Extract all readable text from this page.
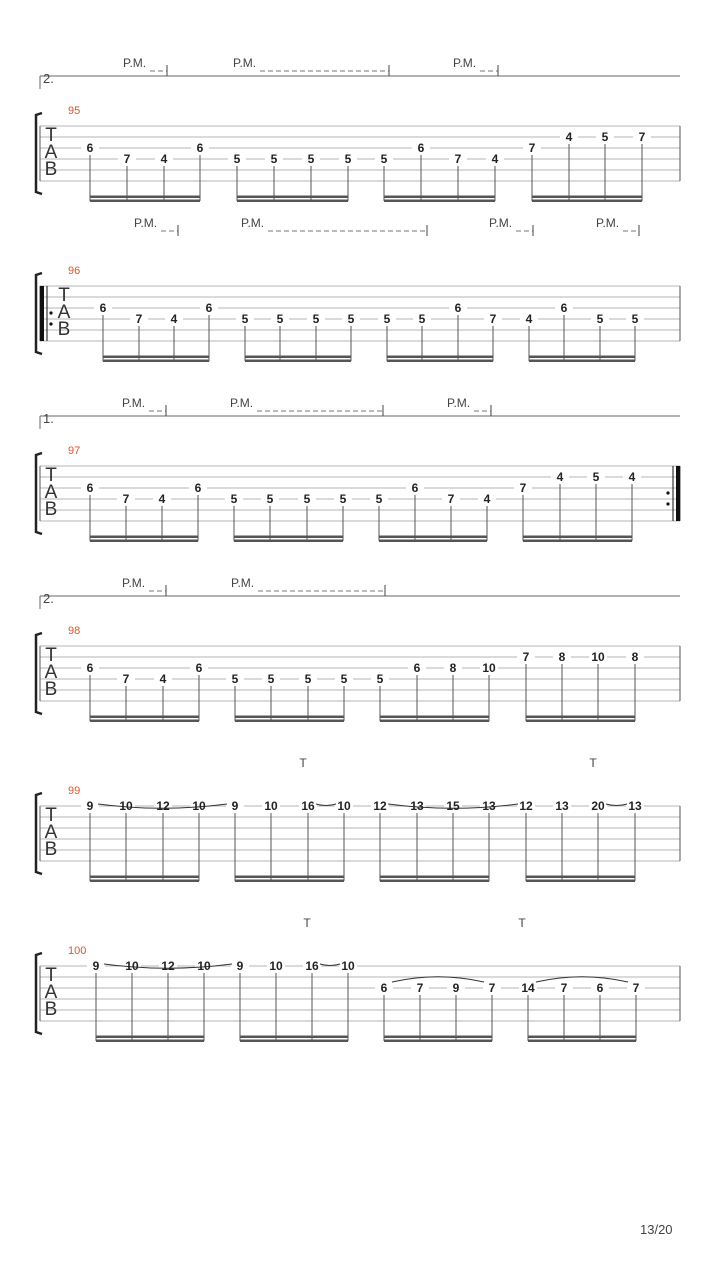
T
A
B
95
2.
P.M.	P.M.	P.M.
6
7	4
6
5	5	5	5 5
6
7	4
7
4 5	7
T
A
B
96
P.M.	P.M.	P.M.	P.M.
6
7 4
6
5 5 5 5 5 5
6
7 4
6
5 5
T
A
B
97
1.
P.M.	P.M.	P.M.
6
7 4
6
5 5	5 5 5
6
7 4
7
4 5 4
T
A
B
98
2.
P.M.	P.M.
6
7	4
6
5 5	5 5 5
6 8 10
7 8 10 8
T
A
B
99
T	T
9 10 12 10 9 10 16 10 12 13 15 13 12 13 20 13
T
A
B
100
T	T
9 10 12 10 9 10 16 10
6 7 9 7 14 7 6 7
13/20
